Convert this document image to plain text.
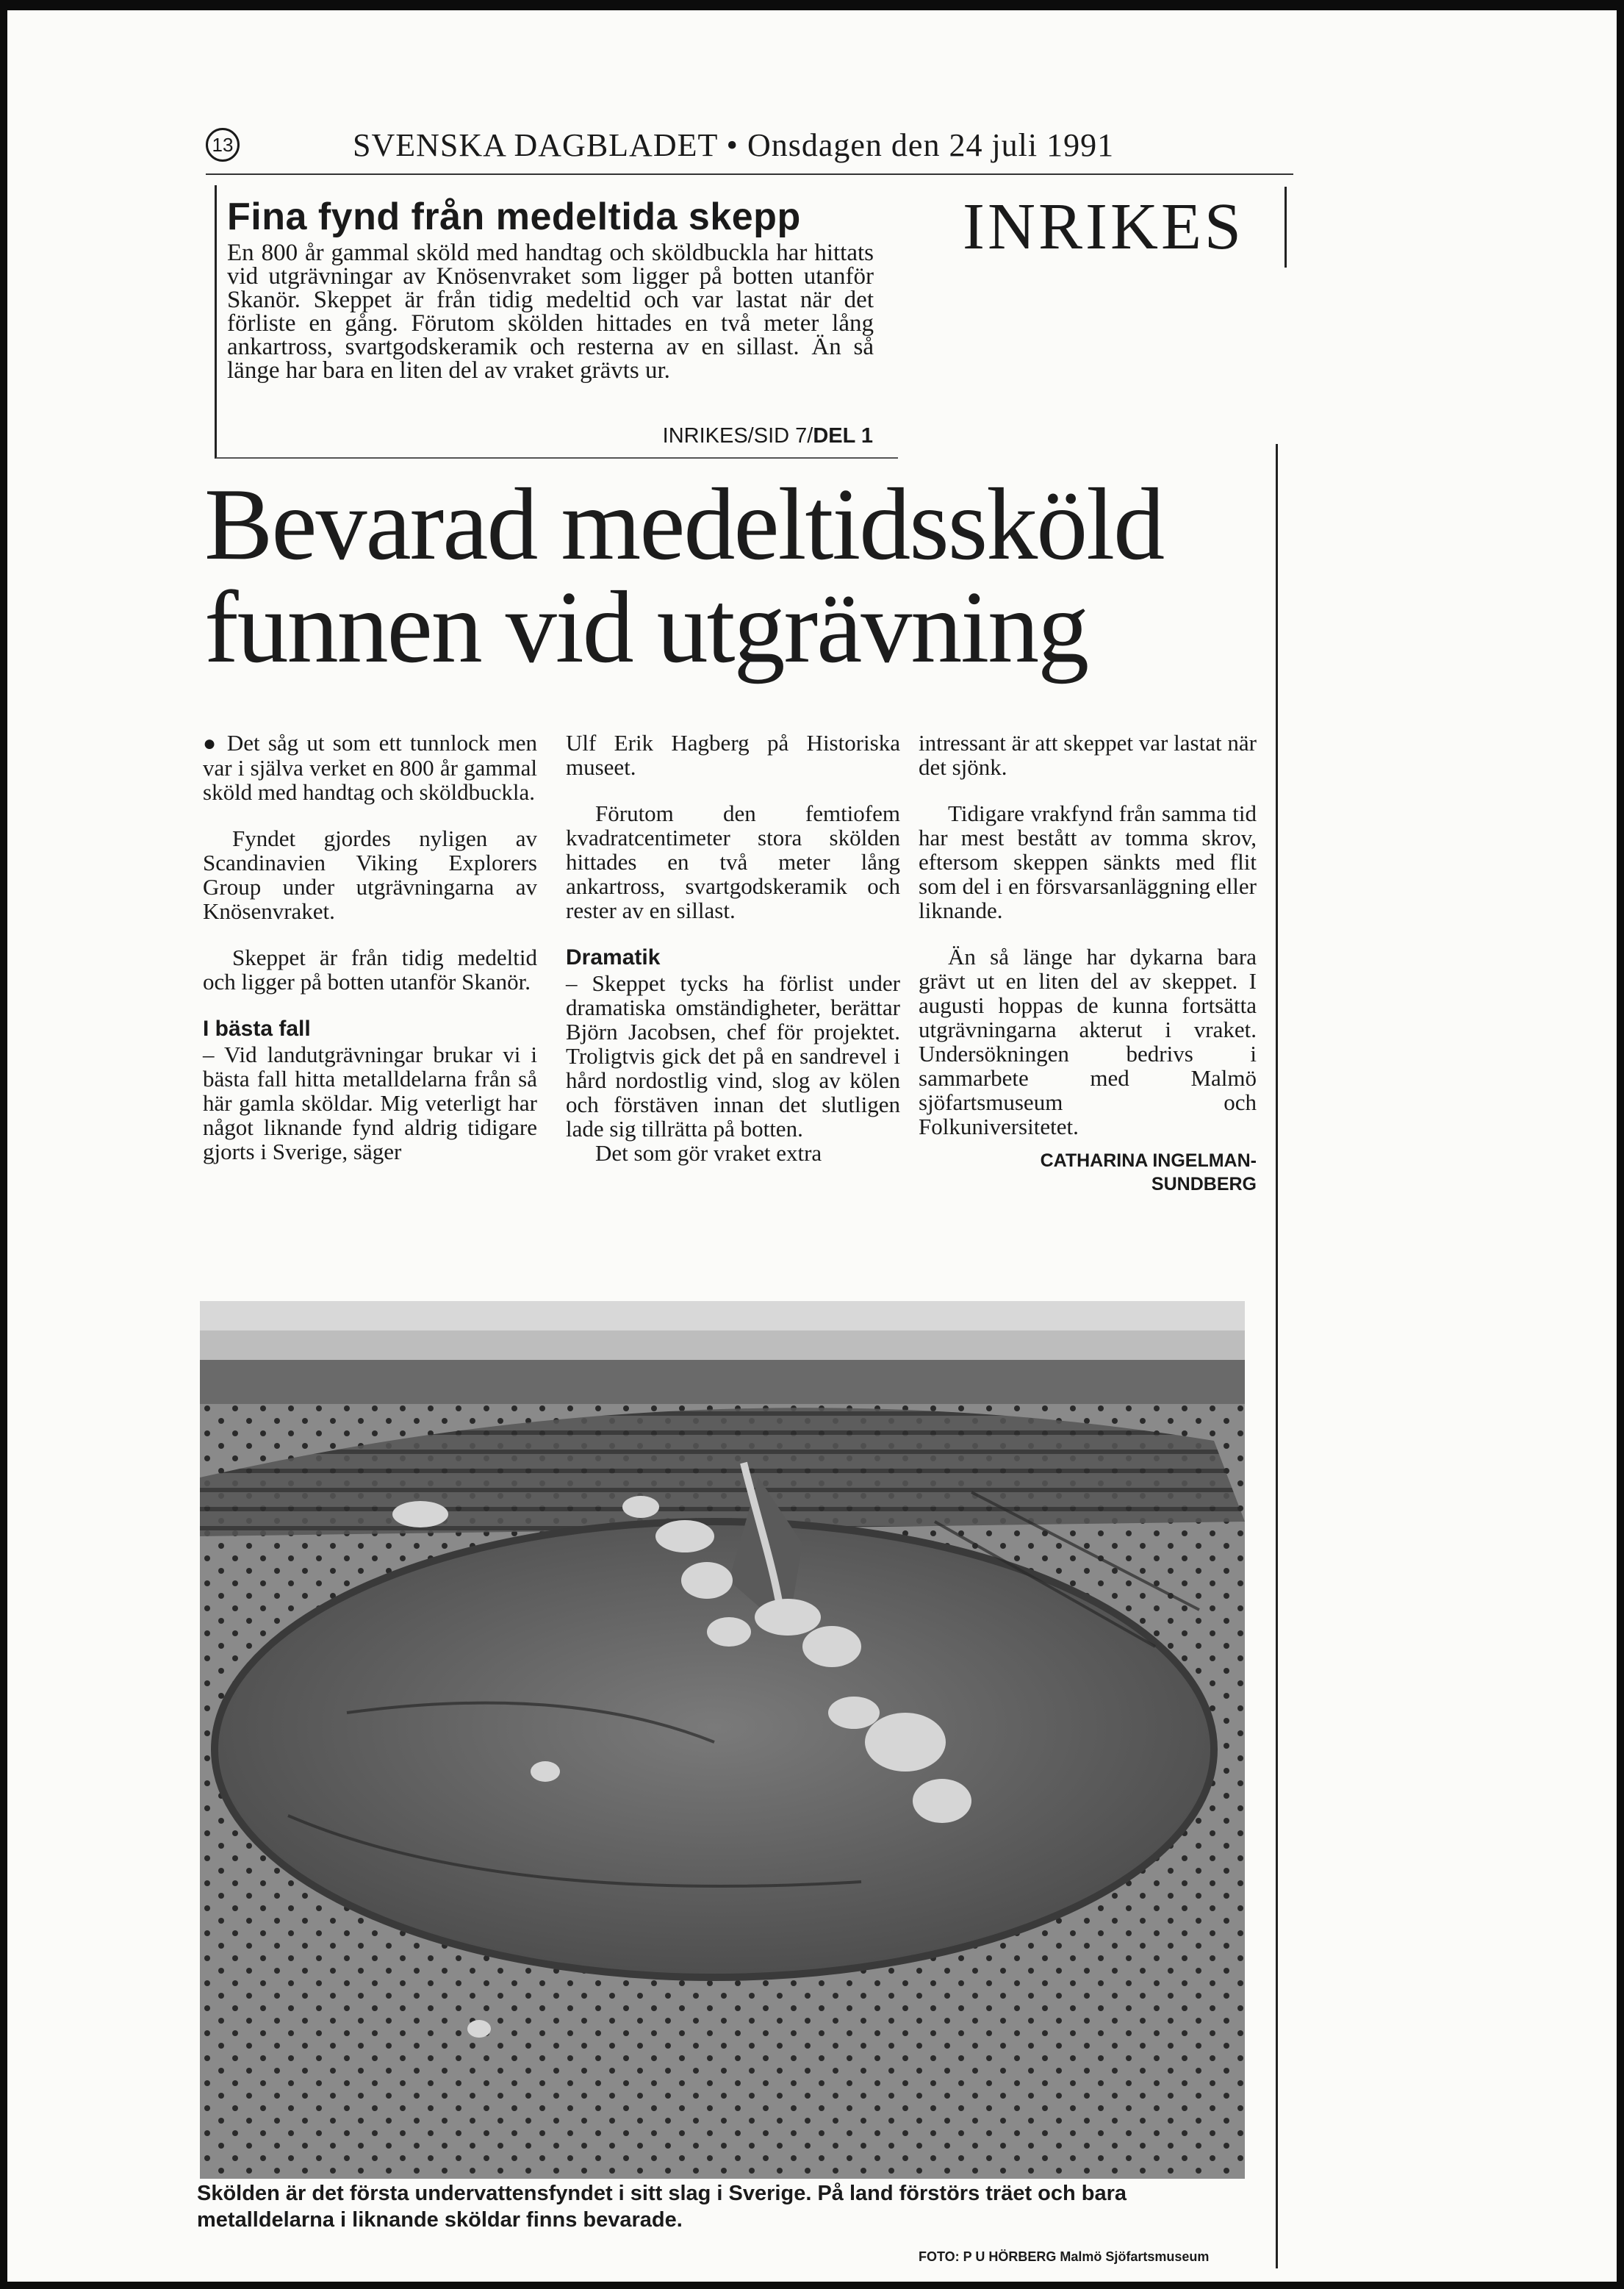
13	SVENSKA DAGBLADET • Onsdagen den 24 juli 1991
Fina fynd från medeltida skepp
En 800 år gammal sköld med handtag och sköldbuckla har hittats vid utgrävningar av Knösenvraket som ligger på botten utanför Skanör. Skeppet är från tidig medeltid och var lastat när det förliste en gång. Förutom skölden hittades en två meter lång ankartross, svartgodskeramik och resterna av en sillast. Än så länge har bara en liten del av vraket grävts ur.
INRIKES/SID 7/DEL 1
INRIKES
Bevarad medeltidssköld
funnen vid utgrävning

● Det såg ut som ett tunnlock men var i själva verket en 800 år gammal sköld med handtag och sköldbuckla.

Fyndet gjordes nyligen av Scandinavien Viking Explorers Group under utgrävningarna av Knösenvraket.

Skeppet är från tidig medeltid och ligger på botten utanför Skanör.

I bästa fall

– Vid landutgrävningar brukar vi i bästa fall hitta metalldelarna från så här gamla sköldar. Mig veterligt har något liknande fynd aldrig tidigare gjorts i Sverige, säger

Ulf Erik Hagberg på Historiska museet.

Förutom den femtiofem kvadratcentimeter stora skölden hittades en två meter lång ankartross, svartgodskeramik och rester av en sillast.

Dramatik

– Skeppet tycks ha förlist under dramatiska omständigheter, berättar Björn Jacobsen, chef för projektet. Troligtvis gick det på en sandrevel i hård nordostlig vind, slog av kölen och förstäven innan det slutligen lade sig tillrätta på botten.

Det som gör vraket extra

intressant är att skeppet var lastat när det sjönk.

Tidigare vrakfynd från samma tid har mest bestått av tomma skrov, eftersom skeppen sänkts med flit som del i en försvarsanläggning eller liknande.

Än så länge har dykarna bara grävt ut en liten del av skeppet. I augusti hoppas de kunna fortsätta utgrävningarna akterut i vraket. Undersökningen bedrivs i sammarbete med Malmö sjöfartsmuseum och Folkuniversitetet.

CATHARINA INGELMAN-
SUNDBERG
Skölden är det första undervattensfyndet i sitt slag i Sverige. På land förstörs träet och bara metalldelarna i liknande sköldar finns bevarade.
FOTO: P U HÖRBERG Malmö Sjöfartsmuseum
